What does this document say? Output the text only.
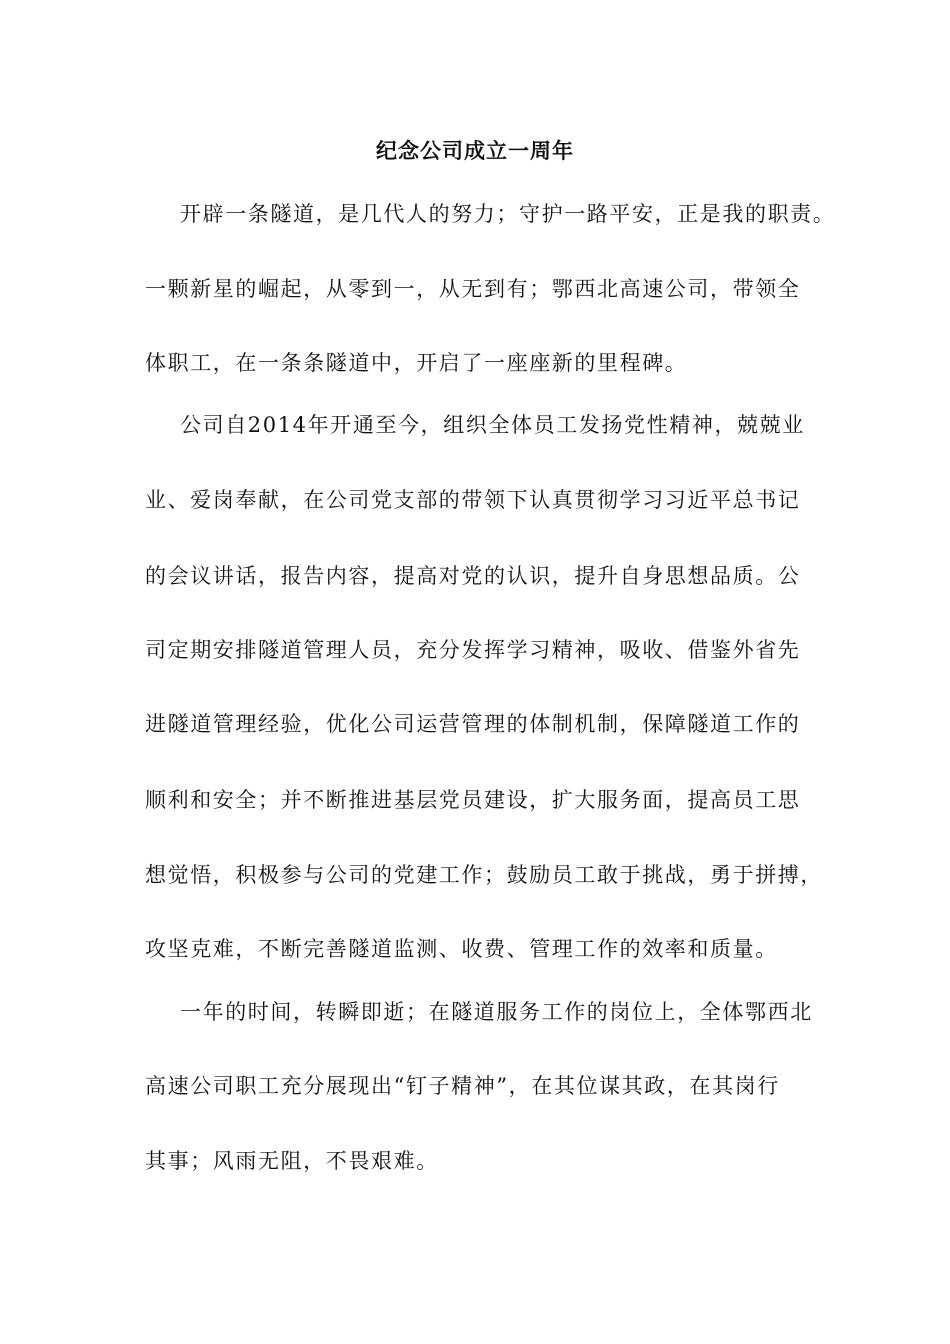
纪念公司成立一周年
开辟一条隧道，是几代人的努力；守护一路平安，正是我的职责。
一颗新星的崛起，从零到一，从无到有；鄂西北高速公司，带领全
体职工，在一条条隧道中，开启了一座座新的里程碑。
公司自2014年开通至今，组织全体员工发扬党性精神，兢兢业
业、爱岗奉献，在公司党支部的带领下认真贯彻学习习近平总书记
的会议讲话，报告内容，提高对党的认识，提升自身思想品质。公
司定期安排隧道管理人员，充分发挥学习精神，吸收、借鉴外省先
进隧道管理经验，优化公司运营管理的体制机制，保障隧道工作的
顺利和安全；并不断推进基层党员建设，扩大服务面，提高员工思
想觉悟，积极参与公司的党建工作；鼓励员工敢于挑战，勇于拼搏，
攻坚克难，不断完善隧道监测、收费、管理工作的效率和质量。
一年的时间，转瞬即逝；在隧道服务工作的岗位上，全体鄂西北
高速公司职工充分展现出“钉子精神”，在其位谋其政，在其岗行
其事；风雨无阻，不畏艰难。
